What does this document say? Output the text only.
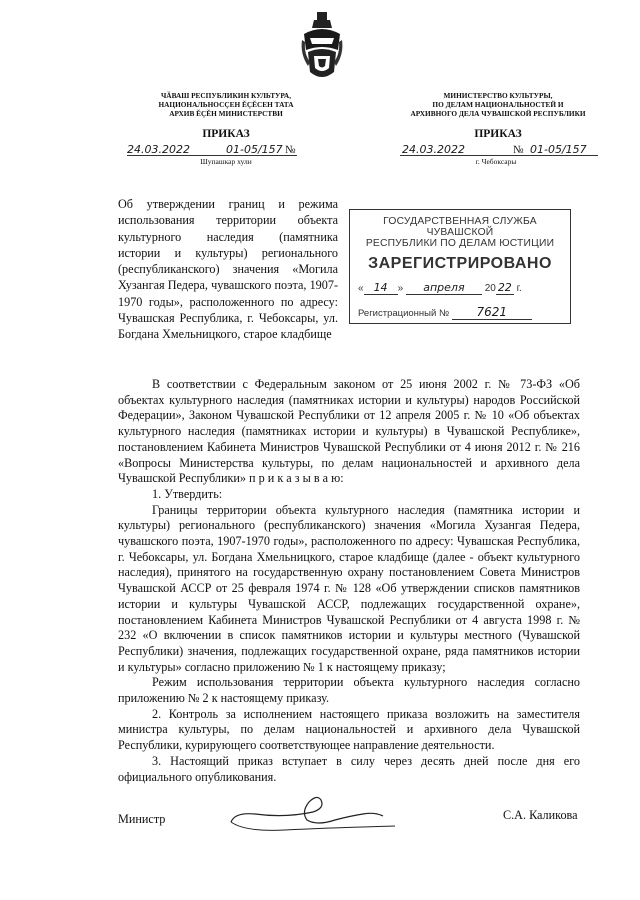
ЧӐВАШ РЕСПУБЛИКИН КУЛЬТУРА,
НАЦИОНАЛЬНОСÇЕН ĔÇĔСЕН ТАТА
АРХИВ ĔÇĔН МИНИСТЕРСТВИ
ПРИКАЗ
24.03.2022	01-05/157 №
Шупашкар хули
МИНИСТЕРСТВО КУЛЬТУРЫ,
ПО ДЕЛАМ НАЦИОНАЛЬНОСТЕЙ И
АРХИВНОГО ДЕЛА ЧУВАШСКОЙ РЕСПУБЛИКИ
ПРИКАЗ
24.03.2022	№ 01-05/157
г. Чебоксары
Об утверждении границ и режима использования территории объекта культурного наследия (памятника истории и культуры) регионального (республиканского) значения «Могила Хузангая Педера, чувашского поэта, 1907-1970 годы», расположенного по адресу: Чувашская Республика, г. Чебоксары, ул. Богдана Хмельницкого, старое кладбище
ГОСУДАРСТВЕННАЯ СЛУЖБА ЧУВАШСКОЙ
РЕСПУБЛИКИ ПО ДЕЛАМ ЮСТИЦИИ
ЗАРЕГИСТРИРОВАНО
« 14 » апреля 20 22 г.
Регистрационный № 7621

В соответствии с Федеральным законом от 25 июня 2002 г. № 73-ФЗ «Об объектах культурного наследия (памятниках истории и культуры) народов Российской Федерации», Законом Чувашской Республики от 12 апреля 2005 г. № 10 «Об объектах культурного наследия (памятниках истории и культуры) в Чувашской Республике», постановлением Кабинета Министров Чувашской Республики от 4 июня 2012 г. № 216 «Вопросы Министерства культуры, по делам национальностей и архивного дела Чувашской Республики» п р и к а з ы в а ю:

1. Утвердить:

Границы территории объекта культурного наследия (памятника истории и культуры) регионального (республиканского) значения «Могила Хузангая Педера, чувашского поэта, 1907-1970 годы», расположенного по адресу: Чувашская Республика, г. Чебоксары, ул. Богдана Хмельницкого, старое кладбище (далее - объект культурного наследия), принятого на государственную охрану постановлением Совета Министров Чувашской АССР от 25 февраля 1974 г. № 128 «Об утверждении списков памятников истории и культуры Чувашской АССР, подлежащих государственной охране», постановлением Кабинета Министров Чувашской Республики от 4 августа 1998 г. № 232 «О включении в список памятников истории и культуры местного (Чувашской Республики) значения, подлежащих государственной охране, ряда памятников истории и культуры» согласно приложению № 1 к настоящему приказу;

Режим использования территории объекта культурного наследия согласно приложению № 2 к настоящему приказу.

2. Контроль за исполнением настоящего приказа возложить на заместителя министра культуры, по делам национальностей и архивного дела Чувашской Республики, курирующего соответствующее направление деятельности.

3. Настоящий приказ вступает в силу через десять дней после дня его официального опубликования.

Министр	С.А. Каликова
